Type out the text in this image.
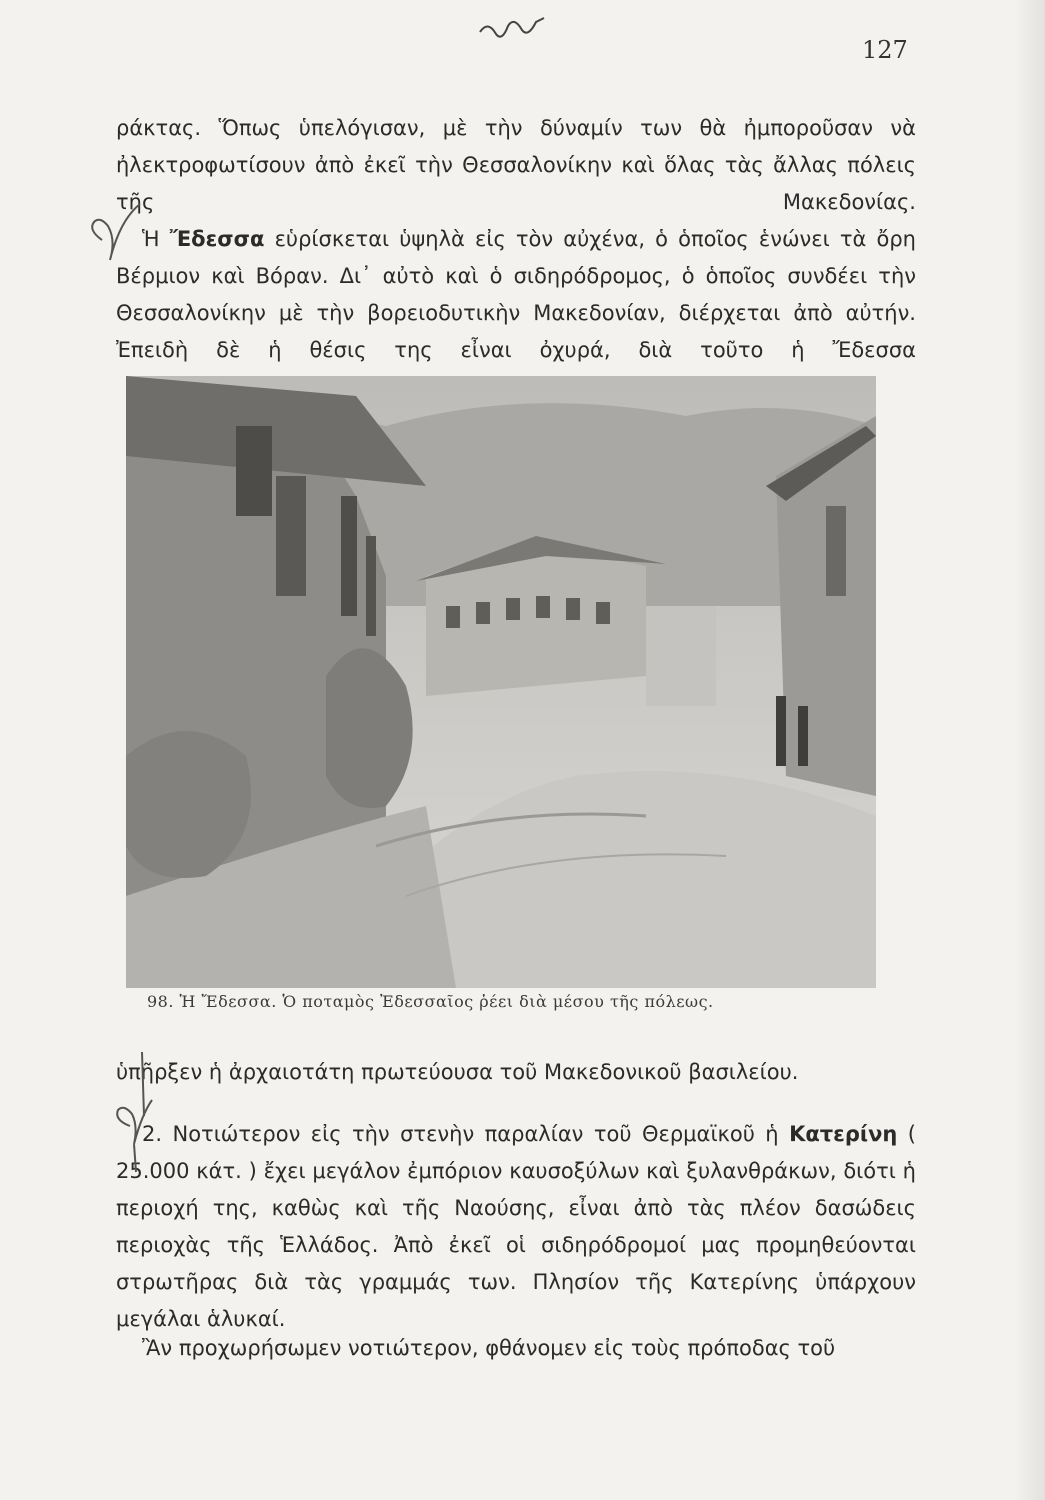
127

ράκτας. Ὅπως ὑπελόγισαν, μὲ τὴν δύναμίν των θὰ ἠμποροῦσαν νὰ ἠλεκτροφωτίσουν ἀπὸ ἐκεῖ τὴν Θεσσαλονίκην καὶ ὅλας τὰς ἄλλας πόλεις τῆς Μακεδονίας.

Ἡ Ἔδεσσα εὑρίσκεται ὑψηλὰ εἰς τὸν αὐχένα, ὁ ὁποῖος ἑνώνει τὰ ὄρη Βέρμιον καὶ Βόραν. Δι᾽ αὐτὸ καὶ ὁ σιδηρόδρομος, ὁ ὁποῖος συνδέει τὴν Θεσσαλονίκην μὲ τὴν βορειοδυτικὴν Μακεδονίαν, διέρχεται ἀπὸ αὐτήν. Ἐπειδὴ δὲ ἡ θέσις της εἶναι ὀχυρά, διὰ τοῦτο ἡ Ἔδεσσα

98. Ἡ Ἔδεσσα. Ὁ ποταμὸς Ἐδεσσαῖος ῥέει διὰ μέσου τῆς πόλεως.

ὑπῆρξεν ἡ ἀρχαιοτάτη πρωτεύουσα τοῦ Μακεδονικοῦ βασιλείου.

2. Νοτιώτερον εἰς τὴν στενὴν παραλίαν τοῦ Θερμαϊκοῦ ἡ Κατερίνη ( 25.000 κάτ. ) ἔχει μεγάλον ἐμπόριον καυσοξύλων καὶ ξυλανθράκων, διότι ἡ περιοχή της, καθὼς καὶ τῆς Ναούσης, εἶναι ἀπὸ τὰς πλέον δασώδεις περιοχὰς τῆς Ἑλλάδος. Ἀπὸ ἐκεῖ οἱ σιδηρόδρομοί μας προμηθεύονται στρωτῆρας διὰ τὰς γραμμάς των. Πλησίον τῆς Κατερίνης ὑπάρχουν μεγάλαι ἁλυκαί.

Ἂν προχωρήσωμεν νοτιώτερον, φθάνομεν εἰς τοὺς πρόποδας τοῦ
